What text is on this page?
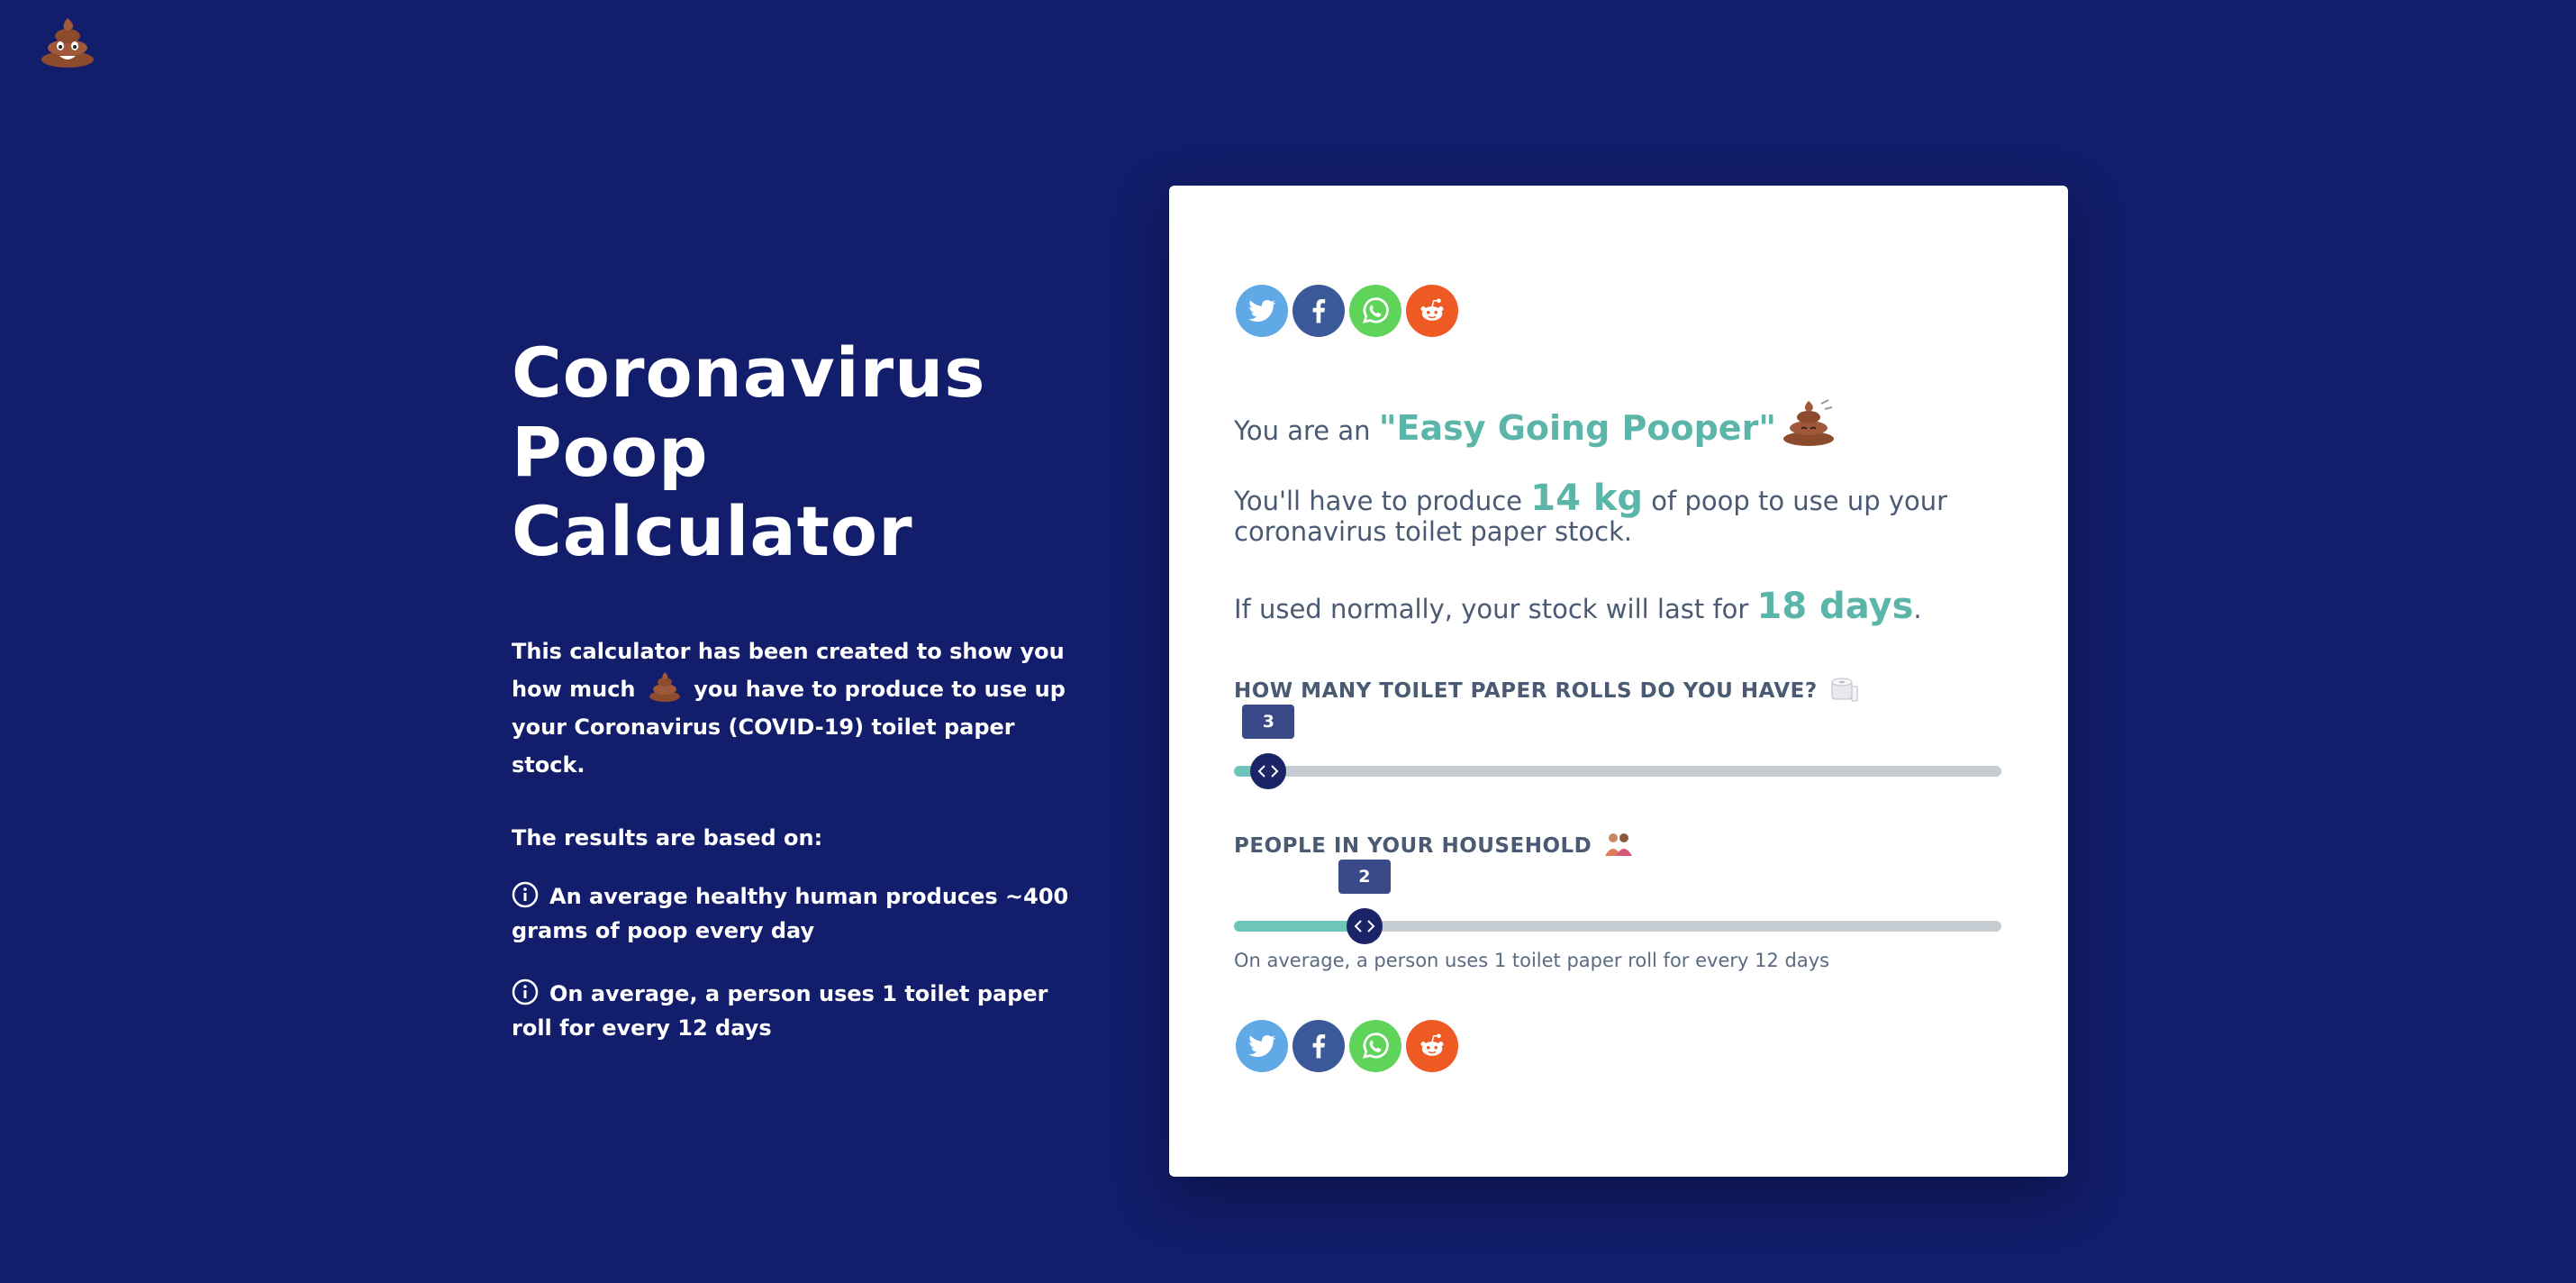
Coronavirus
Poop Calculator

This calculator has been created to show you how much	you have to produce to use up your Coronavirus (COVID-19) toilet paper stock.

The results are based on:

An average healthy human produces ~400 grams of poop every day

On average, a person uses 1 toilet paper roll for every 12 days

You are an "Easy Going Pooper"
You'll have to produce 14 kg of poop to use up your coronavirus toilet paper stock.
If used normally, your stock will last for 18 days.
HOW MANY TOILET PAPER ROLLS DO YOU HAVE?
3
PEOPLE IN YOUR HOUSEHOLD
2
On average, a person uses 1 toilet paper roll for every 12 days
